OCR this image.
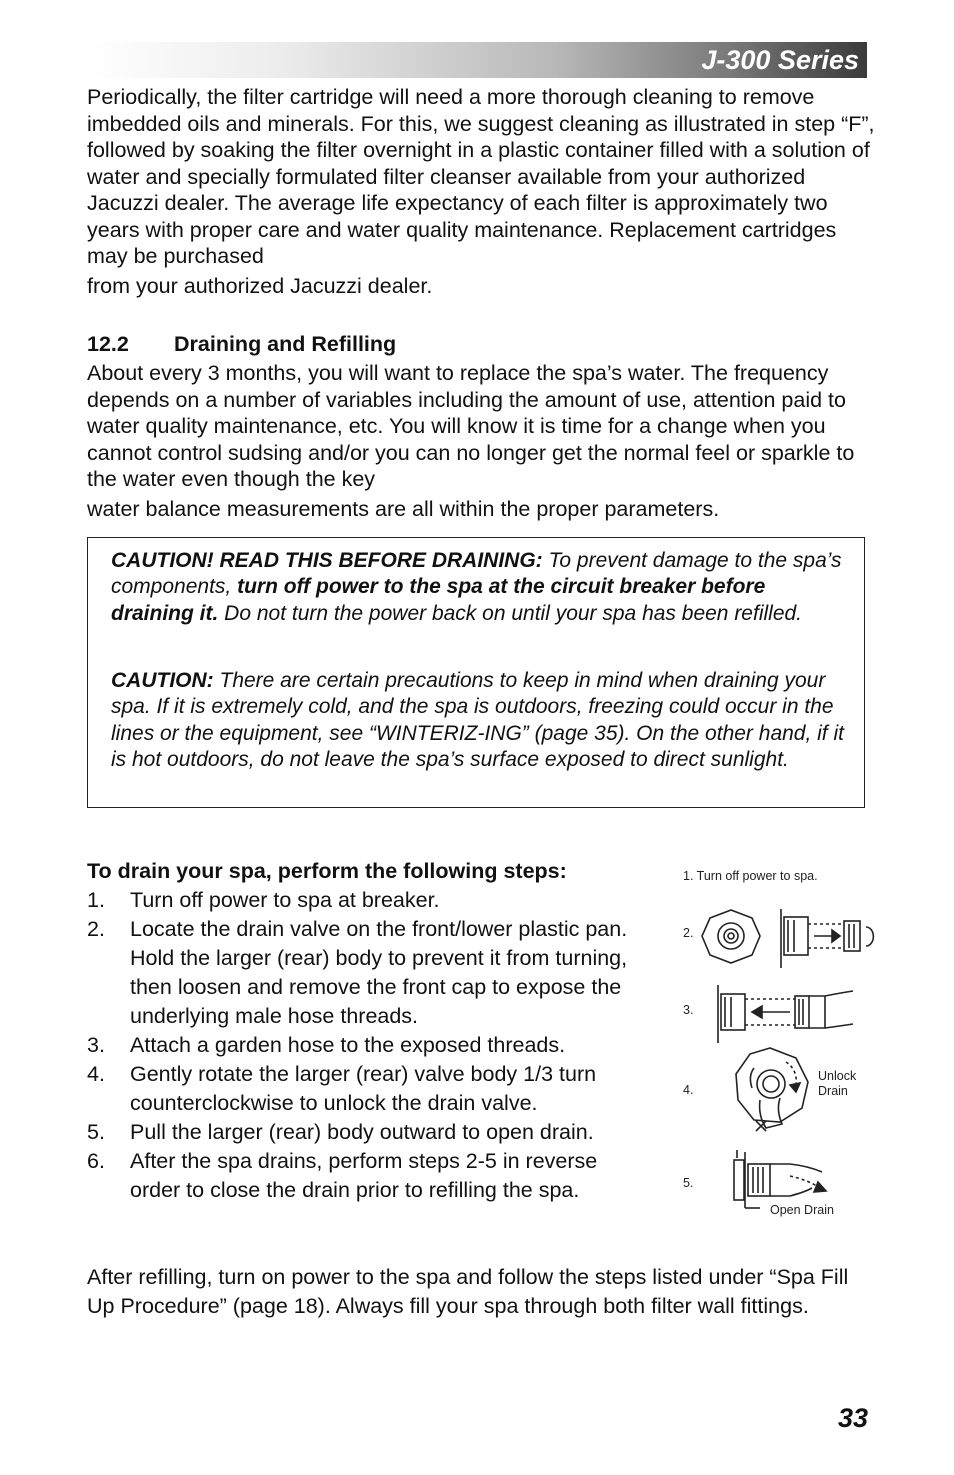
J-300 Series
Periodically, the filter cartridge will need a more thorough cleaning to remove imbedded oils and minerals. For this, we suggest cleaning as illustrated in step “F”, followed by soaking the filter overnight in a plastic container filled with a solution of water and specially formulated filter cleanser available from your authorized Jacuzzi dealer. The average life expectancy of each filter is approximately two years with proper care and water quality maintenance. Replacement cartridges may be purchased
from your authorized Jacuzzi dealer.
12.2 Draining and Refilling
About every 3 months, you will want to replace the spa’s water. The frequency depends on a number of variables including the amount of use, attention paid to water quality maintenance, etc. You will know it is time for a change when you cannot control sudsing and/or you can no longer get the normal feel or sparkle to the water even though the key
water balance measurements are all within the proper parameters.
CAUTION! READ THIS BEFORE DRAINING: To prevent damage to the spa’s components, turn off power to the spa at the circuit breaker before draining it. Do not turn the power back on until your spa has been refilled.
CAUTION: There are certain precautions to keep in mind when draining your spa. If it is extremely cold, and the spa is outdoors, freezing could occur in the lines or the equipment, see “WINTERIZ-ING” (page 35). On the other hand, if it is hot outdoors, do not leave the spa’s surface exposed to direct sunlight.
To drain your spa, perform the following steps:
1. Turn off power to spa at breaker.
2. Locate the drain valve on the front/lower plastic pan. Hold the larger (rear) body to prevent it from turning, then loosen and remove the front cap to expose the underlying male hose threads.
3. Attach a garden hose to the exposed threads.
4. Gently rotate the larger (rear) valve body 1/3 turn counterclockwise to unlock the drain valve.
5. Pull the larger (rear) body outward to open drain.
6. After the spa drains, perform steps 2-5 in reverse order to close the drain prior to refilling the spa.
1. Turn off power to spa.
2.
3.
4.
5.
Unlock
Drain
Open Drain
After refilling, turn on power to the spa and follow the steps listed under “Spa Fill Up Procedure” (page 18). Always fill your spa through both filter wall fittings.
33
